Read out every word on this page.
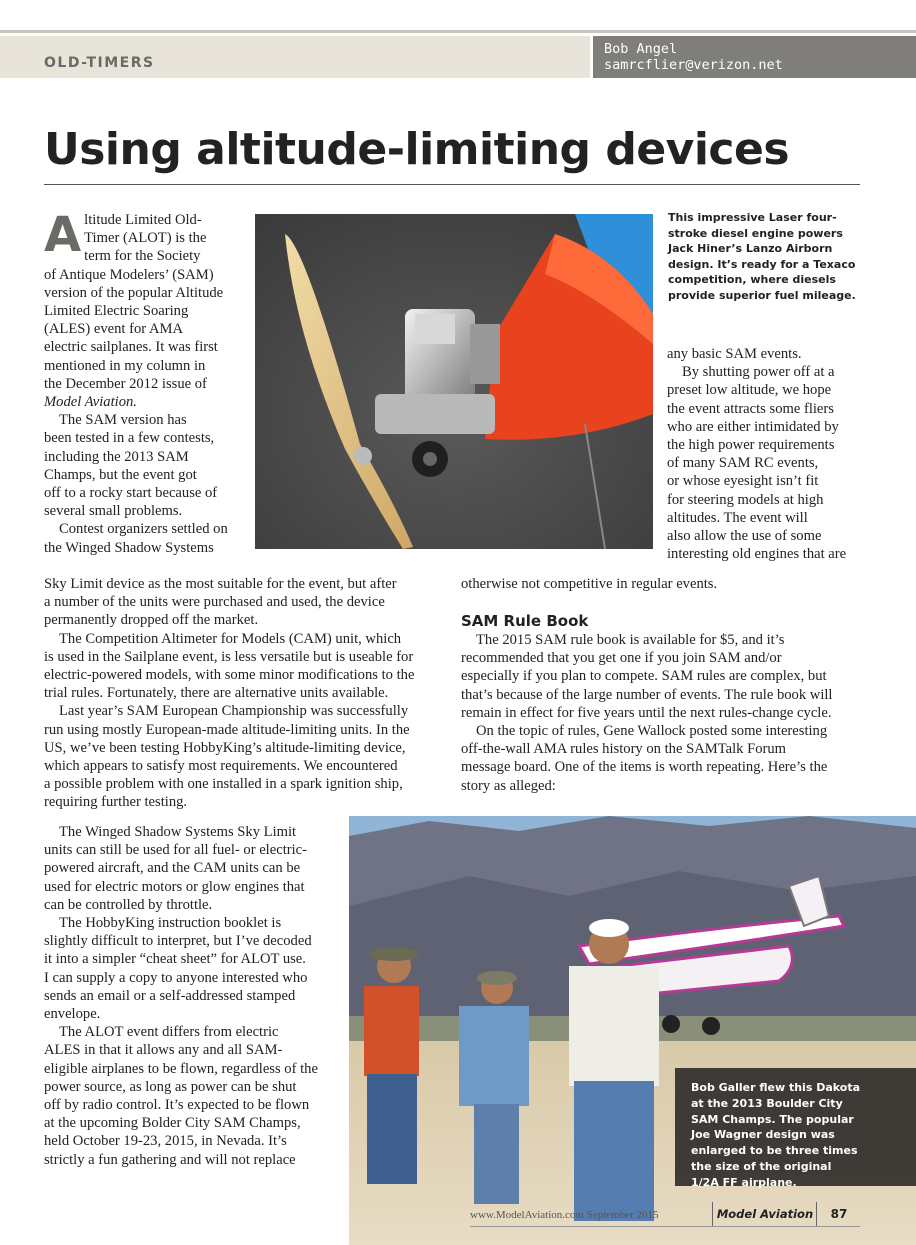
OLD-TIMERS
Bob Angel
samrcflier@verizon.net
Using altitude-limiting devices
This impressive Laser four-stroke diesel engine powers Jack Hiner’s Lanzo Airborn design. It’s ready for a Texaco competition, where diesels provide superior fuel mileage.
A ltitude Limited Old-

Timer (ALOT) is the

term for the Society

of Antique Modelers’ (SAM)

version of the popular Altitude

Limited Electric Soaring

(ALES) event for AMA

electric sailplanes. It was first

mentioned in my column in

the December 2012 issue of

Model Aviation.

The SAM version has

been tested in a few contests,

including the 2013 SAM

Champs, but the event got

off to a rocky start because of

several small problems.

Contest organizers settled on

the Winged Shadow Systems

Sky Limit device as the most suitable for the event, but after

a number of the units were purchased and used, the device

permanently dropped off the market.

The Competition Altimeter for Models (CAM) unit, which

is used in the Sailplane event, is less versatile but is useable for

electric-powered models, with some minor modifications to the

trial rules. Fortunately, there are alternative units available.

Last year’s SAM European Championship was successfully

run using mostly European-made altitude-limiting units. In the

US, we’ve been testing HobbyKing’s altitude-limiting device,

which appears to satisfy most requirements. We encountered

a possible problem with one installed in a spark ignition ship,

requiring further testing.

The Winged Shadow Systems Sky Limit

units can still be used for all fuel- or electric-

powered aircraft, and the CAM units can be

used for electric motors or glow engines that

can be controlled by throttle.

The HobbyKing instruction booklet is

slightly difficult to interpret, but I’ve decoded

it into a simpler “cheat sheet” for ALOT use.

I can supply a copy to anyone interested who

sends an email or a self-addressed stamped

envelope.

The ALOT event differs from electric

ALES in that it allows any and all SAM-

eligible airplanes to be flown, regardless of the

power source, as long as power can be shut

off by radio control. It’s expected to be flown

at the upcoming Bolder City SAM Champs,

held October 19-23, 2015, in Nevada. It’s

strictly a fun gathering and will not replace

any basic SAM events.

By shutting power off at a

preset low altitude, we hope

the event attracts some fliers

who are either intimidated by

the high power requirements

of many SAM RC events,

or whose eyesight isn’t fit

for steering models at high

altitudes. The event will

also allow the use of some

interesting old engines that are

otherwise not competitive in regular events.

SAM Rule Book

The 2015 SAM rule book is available for $5, and it’s

recommended that you get one if you join SAM and/or

especially if you plan to compete. SAM rules are complex, but

that’s because of the large number of events. The rule book will

remain in effect for five years until the next rules-change cycle.

On the topic of rules, Gene Wallock posted some interesting

off-the-wall AMA rules history on the SAMTalk Forum

message board. One of the items is worth repeating. Here’s the

story as alleged:

Bob Galler flew this Dakota at the 2013 Boulder City SAM Champs. The popular Joe Wagner design was enlarged to be three times the size of the original 1/2A FF airplane.
www.ModelAviation.com September 2015	Model Aviation	87
